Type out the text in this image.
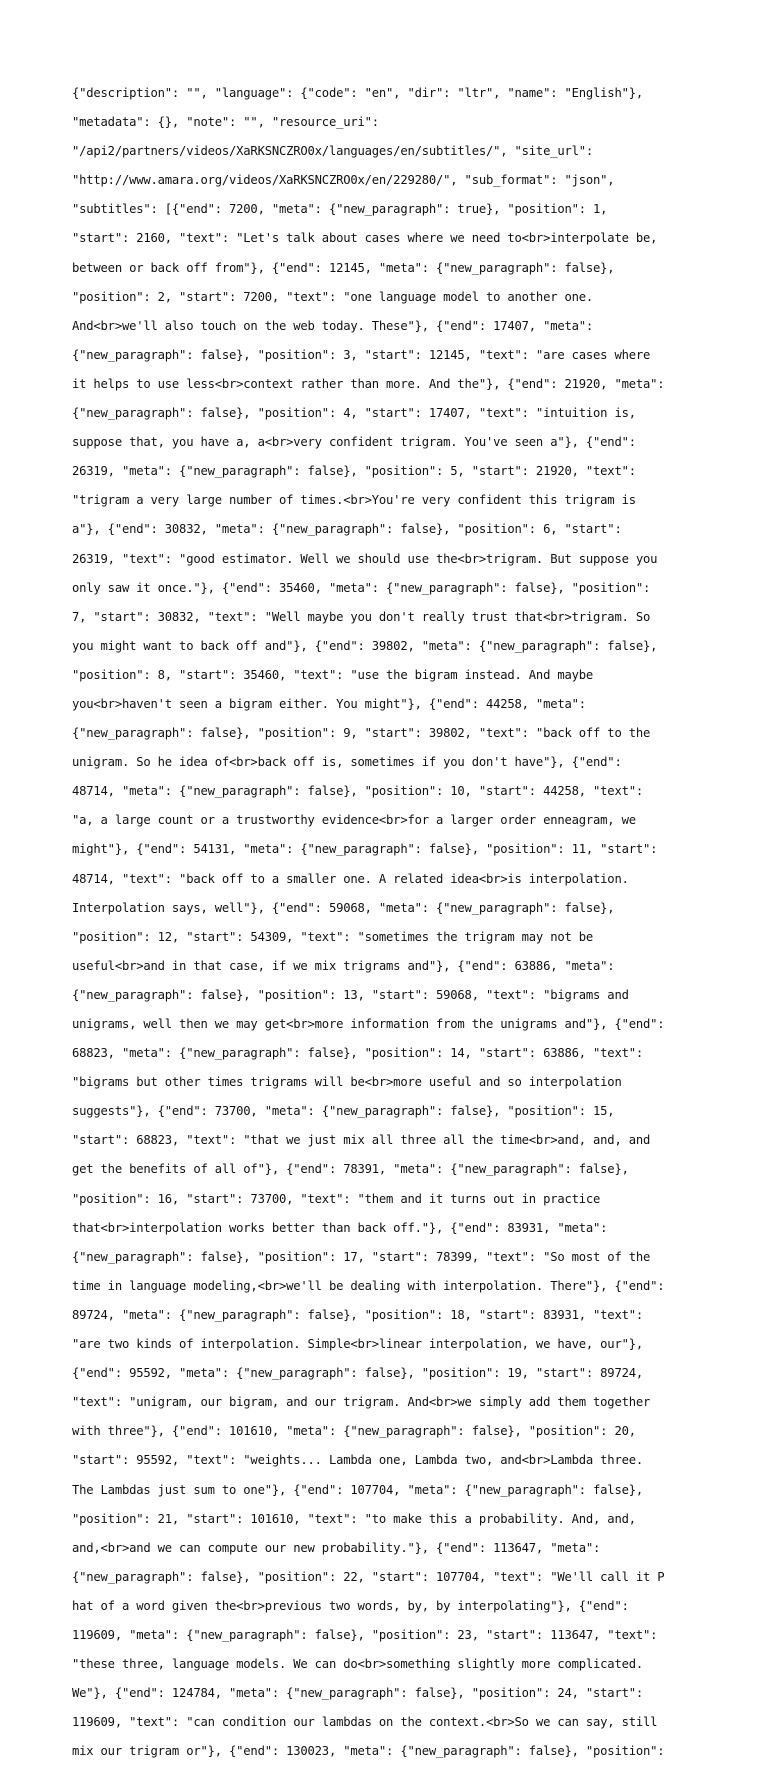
{"description": "", "language": {"code": "en", "dir": "ltr", "name": "English"},

"metadata": {}, "note": "", "resource_uri":

"/api2/partners/videos/XaRKSNCZRO0x/languages/en/subtitles/", "site_url":

"http://www.amara.org/videos/XaRKSNCZRO0x/en/229280/", "sub_format": "json",

"subtitles": [{"end": 7200, "meta": {"new_paragraph": true}, "position": 1,

"start": 2160, "text": "Let's talk about cases where we need to<br>interpolate be,

between or back off from"}, {"end": 12145, "meta": {"new_paragraph": false},

"position": 2, "start": 7200, "text": "one language model to another one.

And<br>we'll also touch on the web today. These"}, {"end": 17407, "meta":

{"new_paragraph": false}, "position": 3, "start": 12145, "text": "are cases where

it helps to use less<br>context rather than more. And the"}, {"end": 21920, "meta":

{"new_paragraph": false}, "position": 4, "start": 17407, "text": "intuition is,

suppose that, you have a, a<br>very confident trigram. You've seen a"}, {"end":

26319, "meta": {"new_paragraph": false}, "position": 5, "start": 21920, "text":

"trigram a very large number of times.<br>You're very confident this trigram is

a"}, {"end": 30832, "meta": {"new_paragraph": false}, "position": 6, "start":

26319, "text": "good estimator. Well we should use the<br>trigram. But suppose you

only saw it once."}, {"end": 35460, "meta": {"new_paragraph": false}, "position":

7, "start": 30832, "text": "Well maybe you don't really trust that<br>trigram. So

you might want to back off and"}, {"end": 39802, "meta": {"new_paragraph": false},

"position": 8, "start": 35460, "text": "use the bigram instead. And maybe

you<br>haven't seen a bigram either. You might"}, {"end": 44258, "meta":

{"new_paragraph": false}, "position": 9, "start": 39802, "text": "back off to the

unigram. So he idea of<br>back off is, sometimes if you don't have"}, {"end":

48714, "meta": {"new_paragraph": false}, "position": 10, "start": 44258, "text":

"a, a large count or a trustworthy evidence<br>for a larger order enneagram, we

might"}, {"end": 54131, "meta": {"new_paragraph": false}, "position": 11, "start":

48714, "text": "back off to a smaller one. A related idea<br>is interpolation.

Interpolation says, well"}, {"end": 59068, "meta": {"new_paragraph": false},

"position": 12, "start": 54309, "text": "sometimes the trigram may not be

useful<br>and in that case, if we mix trigrams and"}, {"end": 63886, "meta":

{"new_paragraph": false}, "position": 13, "start": 59068, "text": "bigrams and

unigrams, well then we may get<br>more information from the unigrams and"}, {"end":

68823, "meta": {"new_paragraph": false}, "position": 14, "start": 63886, "text":

"bigrams but other times trigrams will be<br>more useful and so interpolation

suggests"}, {"end": 73700, "meta": {"new_paragraph": false}, "position": 15,

"start": 68823, "text": "that we just mix all three all the time<br>and, and, and

get the benefits of all of"}, {"end": 78391, "meta": {"new_paragraph": false},

"position": 16, "start": 73700, "text": "them and it turns out in practice

that<br>interpolation works better than back off."}, {"end": 83931, "meta":

{"new_paragraph": false}, "position": 17, "start": 78399, "text": "So most of the

time in language modeling,<br>we'll be dealing with interpolation. There"}, {"end":

89724, "meta": {"new_paragraph": false}, "position": 18, "start": 83931, "text":

"are two kinds of interpolation. Simple<br>linear interpolation, we have, our"},

{"end": 95592, "meta": {"new_paragraph": false}, "position": 19, "start": 89724,

"text": "unigram, our bigram, and our trigram. And<br>we simply add them together

with three"}, {"end": 101610, "meta": {"new_paragraph": false}, "position": 20,

"start": 95592, "text": "weights... Lambda one, Lambda two, and<br>Lambda three.

The Lambdas just sum to one"}, {"end": 107704, "meta": {"new_paragraph": false},

"position": 21, "start": 101610, "text": "to make this a probability. And, and,

and,<br>and we can compute our new probability."}, {"end": 113647, "meta":

{"new_paragraph": false}, "position": 22, "start": 107704, "text": "We'll call it P

hat of a word given the<br>previous two words, by, by interpolating"}, {"end":

119609, "meta": {"new_paragraph": false}, "position": 23, "start": 113647, "text":

"these three, language models. We can do<br>something slightly more complicated.

We"}, {"end": 124784, "meta": {"new_paragraph": false}, "position": 24, "start":

119609, "text": "can condition our lambdas on the context.<br>So we can say, still

mix our trigram or"}, {"end": 130023, "meta": {"new_paragraph": false}, "position":
